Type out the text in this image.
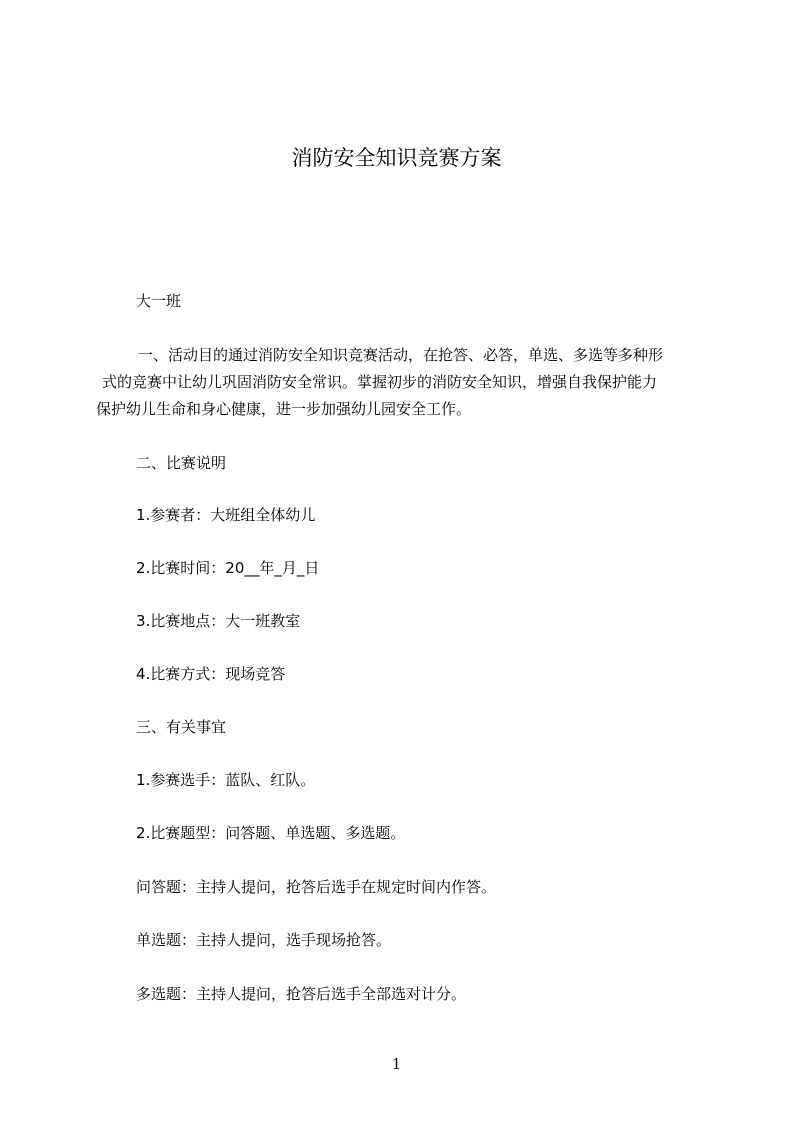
消防安全知识竞赛方案
大一班
一、活动目的通过消防安全知识竞赛活动，在抢答、必答，单选、多选等多种形
式的竞赛中让幼儿巩固消防安全常识。掌握初步的消防安全知识，增强自我保护能力
保护幼儿生命和身心健康，进一步加强幼儿园安全工作。
二、比赛说明
1.参赛者：大班组全体幼儿
2.比赛时间：20__年_月_日
3.比赛地点：大一班教室
4.比赛方式：现场竞答
三、有关事宜
1.参赛选手：蓝队、红队。
2.比赛题型：问答题、单选题、多选题。
问答题：主持人提问，抢答后选手在规定时间内作答。
单选题：主持人提问，选手现场抢答。
多选题：主持人提问，抢答后选手全部选对计分。
1
